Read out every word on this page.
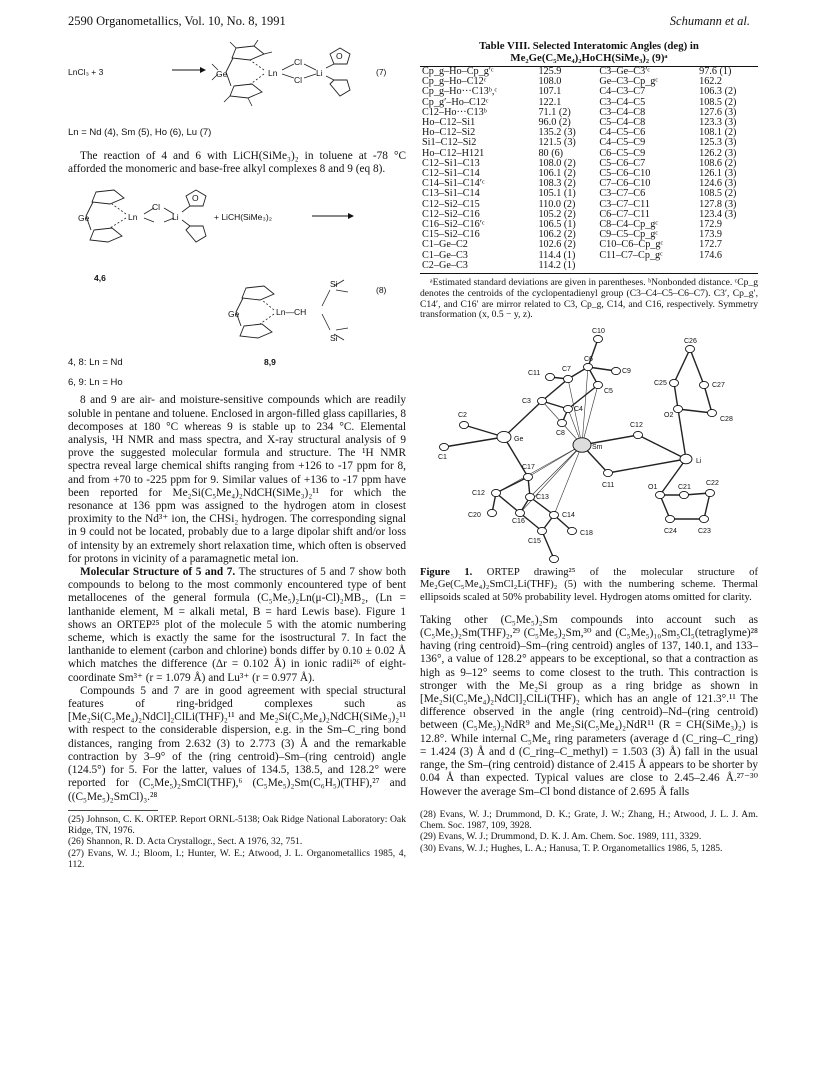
2590 Organometallics, Vol. 10, No. 8, 1991	Schumann et al.
LnCl₃ + 3	(7)
Ge	Ln
Cl
Cl
Li
O
Ln = Nd (4), Sm (5), Ho (6), Lu (7)

The reaction of 4 and 6 with LiCH(SiMe₃)₂ in toluene at -78 °C afforded the monomeric and base-free alkyl complexes 8 and 9 (eq 8).

Ge	Ln
Cl
Li
O
+ LiCH(SiMe₃)₂
4,6
(8)
Ge	Ln—CH
Si
Si
8,9
4, 8: Ln = Nd
6, 9: Ln = Ho

8 and 9 are air- and moisture-sensitive compounds which are readily soluble in pentane and toluene. Enclosed in argon-filled glass capillaries, 8 decomposes at 180 °C whereas 9 is stable up to 234 °C. Elemental analysis, ¹H NMR and mass spectra, and X-ray structural analysis of 9 prove the suggested molecular formula and structure. The ¹H NMR spectra reveal large chemical shifts ranging from +126 to -17 ppm for 8, and from +70 to -225 ppm for 9. Similar values of +136 to -17 ppm have been reported for Me₂Si(C₅Me₄)₂NdCH(SiMe₃)₂¹¹ for which the resonance at 136 ppm was assigned to the hydrogen atom in closest proximity to the Nd³⁺ ion, the CHSi₂ hydrogen. The corresponding signal in 9 could not be located, probably due to a large dipolar shift and/or loss of intensity by an extremely short relaxation time, which often is observed for protons in vicinity of a paramagnetic metal ion.

Molecular Structure of 5 and 7. The structures of 5 and 7 show both compounds to belong to the most commonly encountered type of bent metallocenes of the general formula (C₅Me₅)₂Ln(μ-Cl)₂MB₂, (Ln = lanthanide element, M = alkali metal, B = hard Lewis base). Figure 1 shows an ORTEP²⁵ plot of the molecule 5 with the atomic numbering scheme, which is exactly the same for the isostructural 7. In fact the lanthanide to element (carbon and chlorine) bonds differ by 0.10 ± 0.02 Å which matches the difference (Δr = 0.102 Å) in ionic radii²⁶ of eight-coordinate Sm³⁺ (r = 1.079 Å) and Lu³⁺ (r = 0.977 Å).

Compounds 5 and 7 are in good agreement with special structural features of ring-bridged complexes such as [Me₂Si(C₅Me₄)₂NdCl]₂ClLi(THF)₂¹¹ and Me₂Si(C₅Me₄)₂NdCH(SiMe₃)₂¹¹ with respect to the considerable dispersion, e.g. in the Sm–C_ring bond distances, ranging from 2.632 (3) to 2.773 (3) Å and the remarkable contraction by 3–9° of the (ring centroid)–Sm–(ring centroid) angle (124.5°) for 5. For the latter, values of 134.5, 138.5, and 128.2° were reported for (C₅Me₅)₂SmCl(THF),⁶ (C₅Me₅)₂Sm(C₆H₅)(THF),²⁷ and ((C₅Me₅)₂SmCl)₃.²⁸

(25) Johnson, C. K. ORTEP. Report ORNL-5138; Oak Ridge National Laboratory: Oak Ridge, TN, 1976.

(26) Shannon, R. D. Acta Crystallogr., Sect. A 1976, 32, 751.

(27) Evans, W. J.; Bloom, I.; Hunter, W. E.; Atwood, J. L. Organometallics 1985, 4, 112.

Table VIII. Selected Interatomic Angles (deg) in
Me₂Ge(C₅Me₄)₂HoCH(SiMe₃)₂ (9)ᵃ
Cp_g–Ho–Cp_g′ᶜ	125.9	C3–Ge–C3′ᶜ	97.6 (1)
Cp_g–Ho–C12ᶜ	108.0	Ge–C3–Cp_gᶜ	162.2
Cp_g–Ho···C13ᵇ,ᶜ	107.1	C4–C3–C7	106.3 (2)
Cp_g′–Ho–C12ᶜ	122.1	C3–C4–C5	108.5 (2)
C12–Ho···C13ᵇ	71.1 (2)	C3–C4–C8	127.6 (3)
Ho–C12–Si1	96.0 (2)	C5–C4–C8	123.3 (3)
Ho–C12–Si2	135.2 (3)	C4–C5–C6	108.1 (2)
Si1–C12–Si2	121.5 (3)	C4–C5–C9	125.3 (3)
Ho–C12–H121	80 (6)	C6–C5–C9	126.2 (3)
C12–Si1–C13	108.0 (2)	C5–C6–C7	108.6 (2)
C12–Si1–C14	106.1 (2)	C5–C6–C10	126.1 (3)
C14–Si1–C14′ᶜ	108.3 (2)	C7–C6–C10	124.6 (3)
C13–Si1–C14	105.1 (1)	C3–C7–C6	108.5 (2)
C12–Si2–C15	110.0 (2)	C3–C7–C11	127.8 (3)
C12–Si2–C16	105.2 (2)	C6–C7–C11	123.4 (3)
C16–Si2–C16′ᶜ	106.5 (1)	C8–C4–Cp_gᶜ	172.9
C15–Si2–C16	106.2 (2)	C9–C5–Cp_gᶜ	173.9
C1–Ge–C2	102.6 (2)	C10–C6–Cp_gᶜ	172.7
C1–Ge–C3	114.4 (1)	C11–C7–Cp_gᶜ	174.6
C2–Ge–C3	114.2 (1)		

ᵃEstimated standard deviations are given in parentheses. ᵇNonbonded distance. ᶜCp_g denotes the centroids of the cyclopentadienyl group (C3–C4–C5–C6–C7). C3′, Cp_g′, C14′, and C16′ are mirror related to C3, Cp_g, C14, and C16, respectively. Symmetry transformation (x, 0.5 − y, z).

C10
C26
C6
C9
C11
C7
C5
C3
C4
C8
C25	C27
O2
C28
C2
Ge
Sm
C12
Li
C1
C11
C17
C12
C13
C20
C16
C14
O1	C21
C22
C15
C18	C24	C23

Figure 1. ORTEP drawing²⁵ of the molecular structure of Me₂Ge(C₅Me₄)₂SmCl₂Li(THF)₂ (5) with the numbering scheme. Thermal ellipsoids scaled at 50% probability level. Hydrogen atoms omitted for clarity.

Taking other (C₅Me₅)₂Sm compounds into account such as (C₅Me₅)₂Sm(THF)₂,²⁹ (C₅Me₅)₂Sm,³⁰ and (C₅Me₅)₁₀Sm₅Cl₅(tetraglyme)²⁸ having (ring centroid)–Sm–(ring centroid) angles of 137, 140.1, and 133–136°, a value of 128.2° appears to be exceptional, so that a contraction as high as 9–12° seems to come closest to the truth. This contraction is stronger with the Me₂Si group as a ring bridge as shown in [Me₂Si(C₅Me₄)₂NdCl]₂ClLi(THF)₂ which has an angle of 121.3°.¹¹ The difference observed in the angle (ring centroid)–Nd–(ring centroid) between (C₅Me₅)₂NdR⁹ and Me₂Si(C₅Me₄)₂NdR¹¹ (R = CH(SiMe₃)₂) is 12.8°. While internal C₅Me₄ ring parameters (average d (C_ring–C_ring) = 1.424 (3) Å and d (C_ring–C_methyl) = 1.503 (3) Å) fall in the usual range, the Sm–(ring centroid) distance of 2.415 Å appears to be shorter by 0.04 Å than expected. Typical values are close to 2.45–2.46 Å.²⁷⁻³⁰ However the average Sm–Cl bond distance of 2.695 Å falls

(28) Evans, W. J.; Drummond, D. K.; Grate, J. W.; Zhang, H.; Atwood, J. L. J. Am. Chem. Soc. 1987, 109, 3928.

(29) Evans, W. J.; Drummond, D. K. J. Am. Chem. Soc. 1989, 111, 3329.

(30) Evans, W. J.; Hughes, L. A.; Hanusa, T. P. Organometallics 1986, 5, 1285.
